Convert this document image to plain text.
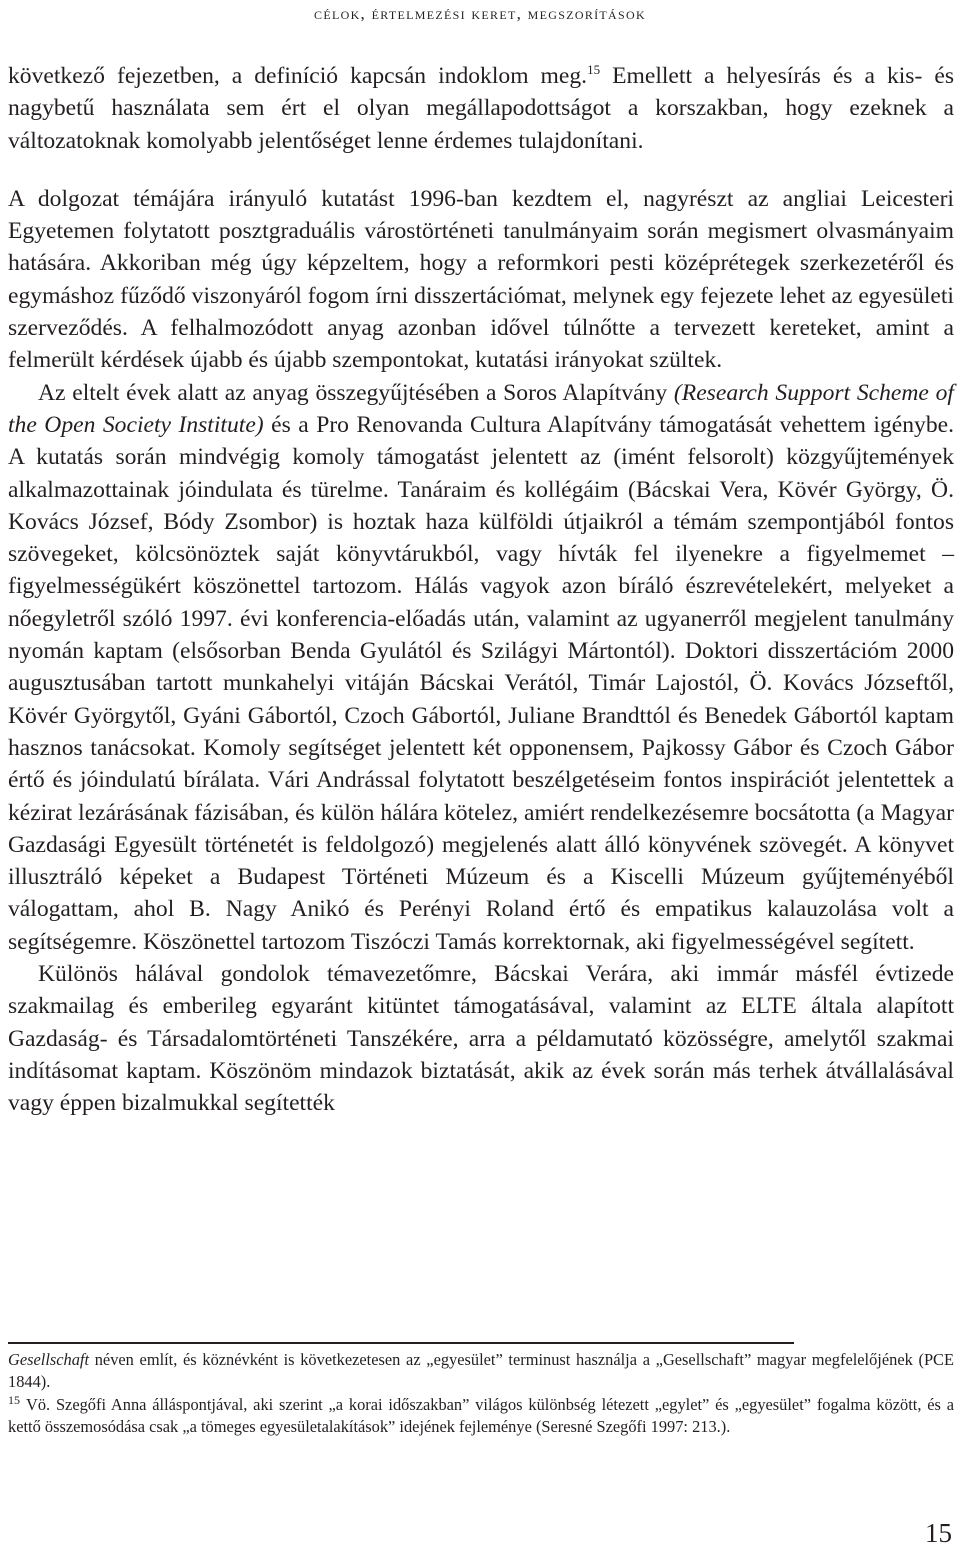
célok, értelmezési keret, megszorítások

következő fejezetben, a definíció kapcsán indoklom meg.$^{15}$ Emellett a helyesírás és a kis- és nagybetű használata sem ért el olyan megállapodottságot a korszakban, hogy ezeknek a változatoknak komolyabb jelentőséget lenne érdemes tulajdonítani.

A dolgozat témájára irányuló kutatást 1996-ban kezdtem el, nagyrészt az angliai Leicesteri Egyetemen folytatott posztgraduális várostörténeti tanulmányaim során megismert olvasmányaim hatására. Akkoriban még úgy képzeltem, hogy a reformkori pesti középrétegek szerkezetéről és egymáshoz fűződő viszonyáról fogom írni disszertációmat, melynek egy fejezete lehet az egyesületi szerveződés. A felhalmozódott anyag azonban idővel túlnőtte a tervezett kereteket, amint a felmerült kérdések újabb és újabb szempontokat, kutatási irányokat szültek.

Az eltelt évek alatt az anyag összegyűjtésében a Soros Alapítvány (Research Support Scheme of the Open Society Institute) és a Pro Renovanda Cultura Alapítvány támogatását vehettem igénybe. A kutatás során mindvégig komoly támogatást jelentett az (imént felsorolt) közgyűjtemények alkalmazottainak jóindulata és türelme. Tanáraim és kollégáim (Bácskai Vera, Kövér György, Ö. Kovács József, Bódy Zsombor) is hoztak haza külföldi útjaikról a témám szempontjából fontos szövegeket, kölcsönöztek saját könyvtárukból, vagy hívták fel ilyenekre a figyelmemet – figyelmességükért köszönettel tartozom. Hálás vagyok azon bíráló észrevételekért, melyeket a nőegyletről szóló 1997. évi konferencia-előadás után, valamint az ugyanerről megjelent tanulmány nyomán kaptam (elsősorban Benda Gyulától és Szilágyi Mártontól). Doktori disszertációm 2000 augusztusában tartott munkahelyi vitáján Bácskai Verától, Timár Lajostól, Ö. Kovács Józseftől, Kövér Györgytől, Gyáni Gábortól, Czoch Gábortól, Juliane Brandttól és Benedek Gábortól kaptam hasznos tanácsokat. Komoly segítséget jelentett két opponensem, Pajkossy Gábor és Czoch Gábor értő és jóindulatú bírálata. Vári Andrással folytatott beszélgetéseim fontos inspirációt jelentettek a kézirat lezárásának fázisában, és külön hálára kötelez, amiért rendelkezésemre bocsátotta (a Magyar Gazdasági Egyesült történetét is feldolgozó) megjelenés alatt álló könyvének szövegét. A könyvet illusztráló képeket a Budapest Történeti Múzeum és a Kiscelli Múzeum gyűjteményéből válogattam, ahol B. Nagy Anikó és Perényi Roland értő és empatikus kalauzolása volt a segítségemre. Köszönettel tartozom Tiszóczi Tamás korrektornak, aki figyelmességével segített.

Különös hálával gondolok témavezetőmre, Bácskai Verára, aki immár másfél évtizede szakmailag és emberileg egyaránt kitüntet támogatásával, valamint az ELTE általa alapított Gazdaság- és Társadalomtörténeti Tanszékére, arra a példamutató közösségre, amelytől szakmai indításomat kaptam. Köszönöm mindazok biztatását, akik az évek során más terhek átvállalásával vagy éppen bizalmukkal segítették

Gesellschaft néven említ, és köznévként is következetesen az „egyesület” terminust használja a „Gesellschaft” magyar megfelelőjének (PCE 1844).

$^{15}$ Vö. Szegőfi Anna álláspontjával, aki szerint „a korai időszakban” világos különbség létezett „egylet” és „egyesület” fogalma között, és a kettő összemosódása csak „a tömeges egyesületalakítások” idejének fejleménye (Seresné Szegőfi 1997: 213.).

15
